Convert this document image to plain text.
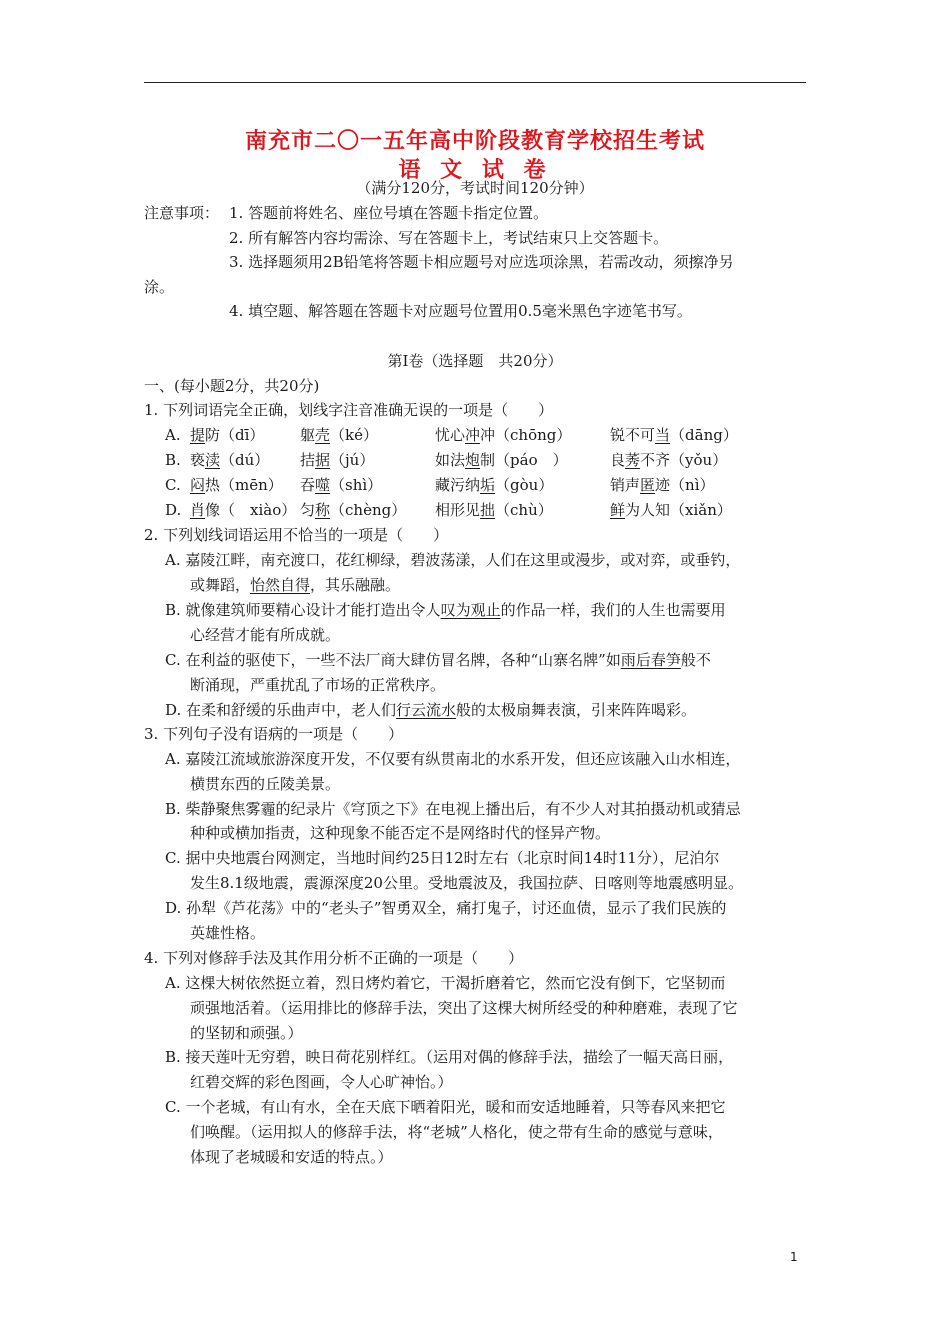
南充市二〇一五年高中阶段教育学校招生考试
语 文 试 卷
（满分120分，考试时间120分钟）
注意事项： 1. 答题前将姓名、座位号填在答题卡指定位置。
2. 所有解答内容均需涂、写在答题卡上，考试结束只上交答题卡。
3. 选择题须用2B铅笔将答题卡相应题号对应选项涂黑，若需改动，须擦净另
涂。
4. 填空题、解答题在答题卡对应题号位置用0.5毫米黑色字迹笔书写。
第Ⅰ卷（选择题　共20分）
一、(每小题2分，共20分)
1. 下列词语完全正确，划线字注音准确无误的一项是（　　）
A. 提防（dī） 躯壳（ké）	忧心冲冲（chōng）	锐不可当（dāng）
B. 亵渎（dú） 拮据（jú）	如法炮制（páo　）	良莠不齐（yǒu）
C. 闷热（mēn） 吞噬（shì）	藏污纳垢（gòu）	销声匿迹（nì）
D. 肖像（　xiào） 匀称（chèng） 相形见拙（chù）	鲜为人知（xiǎn）
2. 下列划线词语运用不恰当的一项是（　　）
A. 嘉陵江畔，南充渡口，花红柳绿，碧波荡漾，人们在这里或漫步，或对弈，或垂钓，
或舞蹈，怡然自得，其乐融融。
B. 就像建筑师要精心设计才能打造出令人叹为观止的作品一样，我们的人生也需要用
心经营才能有所成就。
C. 在利益的驱使下，一些不法厂商大肆仿冒名牌，各种“山寨名牌”如雨后春笋般不
断涌现，严重扰乱了市场的正常秩序。
D. 在柔和舒缓的乐曲声中，老人们行云流水般的太极扇舞表演，引来阵阵喝彩。
3. 下列句子没有语病的一项是（　　）
A. 嘉陵江流域旅游深度开发，不仅要有纵贯南北的水系开发，但还应该融入山水相连，
横贯东西的丘陵美景。
B. 柴静聚焦雾霾的纪录片《穹顶之下》在电视上播出后，有不少人对其拍摄动机或猜忌
种种或横加指责，这种现象不能否定不是网络时代的怪异产物。
C. 据中央地震台网测定，当地时间约25日12时左右（北京时间14时11分），尼泊尔
发生8.1级地震，震源深度20公里。受地震波及，我国拉萨、日喀则等地震感明显。
D. 孙犁《芦花荡》中的“老头子”智勇双全，痛打鬼子，讨还血债，显示了我们民族的
英雄性格。
4. 下列对修辞手法及其作用分析不正确的一项是（　　）
A. 这棵大树依然挺立着，烈日烤灼着它，干渴折磨着它，然而它没有倒下，它坚韧而
顽强地活着。（运用排比的修辞手法，突出了这棵大树所经受的种种磨难，表现了它
的坚韧和顽强。）
B. 接天莲叶无穷碧，映日荷花别样红。（运用对偶的修辞手法，描绘了一幅天高日丽，
红碧交辉的彩色图画，令人心旷神怡。）
C. 一个老城，有山有水，全在天底下晒着阳光，暖和而安适地睡着，只等春风来把它
们唤醒。（运用拟人的修辞手法，将“老城”人格化，使之带有生命的感觉与意味，
体现了老城暖和安适的特点。）
1
